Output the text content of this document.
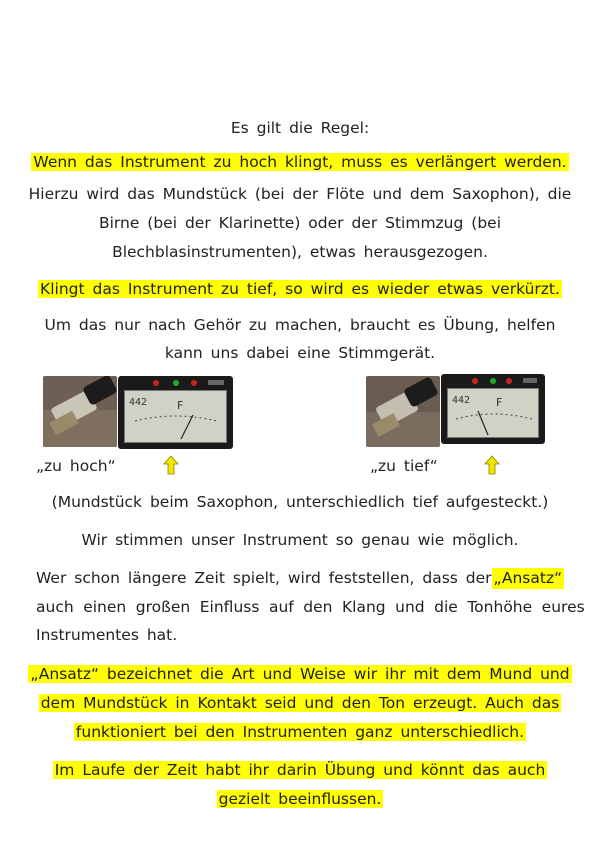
Es gilt die Regel:
Wenn das Instrument zu hoch klingt, muss es verlängert werden.
Hierzu wird das Mundstück (bei der Flöte und dem Saxophon), die
Birne (bei der Klarinette) oder der Stimmzug (bei
Blechblasinstrumenten), etwas herausgezogen.
Klingt das Instrument zu tief, so wird es wieder etwas verkürzt.
Um das nur nach Gehör zu machen, braucht es Übung, helfen
kann uns dabei eine Stimmgerät.
442	F	442 F
„zu hoch“	„zu tief“
(Mundstück beim Saxophon, unterschiedlich tief aufgesteckt.)
Wir stimmen unser Instrument so genau wie möglich.
Wer schon längere Zeit spielt, wird feststellen, dass der „Ansatz“
auch einen großen Einfluss auf den Klang und die Tonhöhe eures
Instrumentes hat.
„Ansatz“ bezeichnet die Art und Weise wir ihr mit dem Mund und
dem Mundstück in Kontakt seid und den Ton erzeugt. Auch das
funktioniert bei den Instrumenten ganz unterschiedlich.
Im Laufe der Zeit habt ihr darin Übung und könnt das auch
gezielt beeinflussen.
